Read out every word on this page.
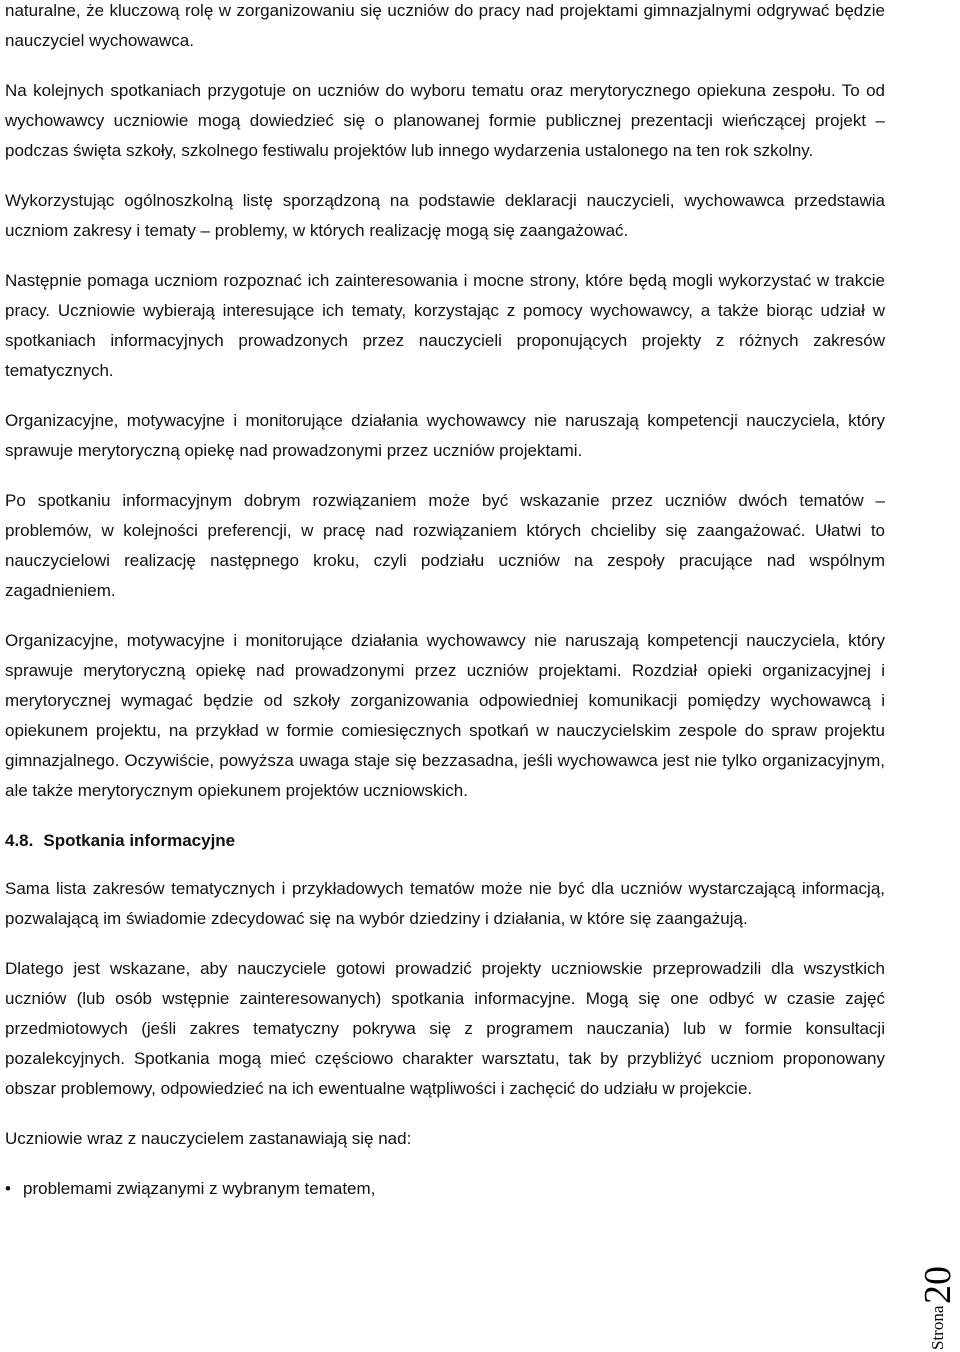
naturalne, że kluczową rolę w zorganizowaniu się uczniów do pracy nad projektami gimnazjalnymi odgrywać będzie nauczyciel wychowawca.

Na kolejnych spotkaniach przygotuje on uczniów do wyboru tematu oraz merytorycznego opiekuna zespołu. To od wychowawcy uczniowie mogą dowiedzieć się o planowanej formie publicznej prezentacji wieńczącej projekt – podczas święta szkoły, szkolnego festiwalu projektów lub innego wydarzenia ustalonego na ten rok szkolny.

Wykorzystując ogólnoszkolną listę sporządzoną na podstawie deklaracji nauczycieli, wychowawca przedstawia uczniom zakresy i tematy – problemy, w których realizację mogą się zaangażować.

Następnie pomaga uczniom rozpoznać ich zainteresowania i mocne strony, które będą mogli wykorzystać w trakcie pracy. Uczniowie wybierają interesujące ich tematy, korzystając z pomocy wychowawcy, a także biorąc udział w spotkaniach informacyjnych prowadzonych przez nauczycieli proponujących projekty z różnych zakresów tematycznych.

Organizacyjne, motywacyjne i monitorujące działania wychowawcy nie naruszają kompetencji nauczyciela, który sprawuje merytoryczną opiekę nad prowadzonymi przez uczniów projektami.

Po spotkaniu informacyjnym dobrym rozwiązaniem może być wskazanie przez uczniów dwóch tematów – problemów, w kolejności preferencji, w pracę nad rozwiązaniem których chcieliby się zaangażować. Ułatwi to nauczycielowi realizację następnego kroku, czyli podziału uczniów na zespoły pracujące nad wspólnym zagadnieniem.

Organizacyjne, motywacyjne i monitorujące działania wychowawcy nie naruszają kompetencji nauczyciela, który sprawuje merytoryczną opiekę nad prowadzonymi przez uczniów projektami. Rozdział opieki organizacyjnej i merytorycznej wymagać będzie od szkoły zorganizowania odpowiedniej komunikacji pomiędzy wychowawcą i opiekunem projektu, na przykład w formie comiesięcznych spotkań w nauczycielskim zespole do spraw projektu gimnazjalnego. Oczywiście, powyższa uwaga staje się bezzasadna, jeśli wychowawca jest nie tylko organizacyjnym, ale także merytorycznym opiekunem projektów uczniowskich.

4.8. Spotkania informacyjne

Sama lista zakresów tematycznych i przykładowych tematów może nie być dla uczniów wystarczającą informacją, pozwalającą im świadomie zdecydować się na wybór dziedziny i działania, w które się zaangażują.

Dlatego jest wskazane, aby nauczyciele gotowi prowadzić projekty uczniowskie przeprowadzili dla wszystkich uczniów (lub osób wstępnie zainteresowanych) spotkania informacyjne. Mogą się one odbyć w czasie zajęć przedmiotowych (jeśli zakres tematyczny pokrywa się z programem nauczania) lub w formie konsultacji pozalekcyjnych. Spotkania mogą mieć częściowo charakter warsztatu, tak by przybliżyć uczniom proponowany obszar problemowy, odpowiedzieć na ich ewentualne wątpliwości i zachęcić do udziału w projekcie.

Uczniowie wraz z nauczycielem zastanawiają się nad:

• problemami związanymi z wybranym tematem,
Strona
20
